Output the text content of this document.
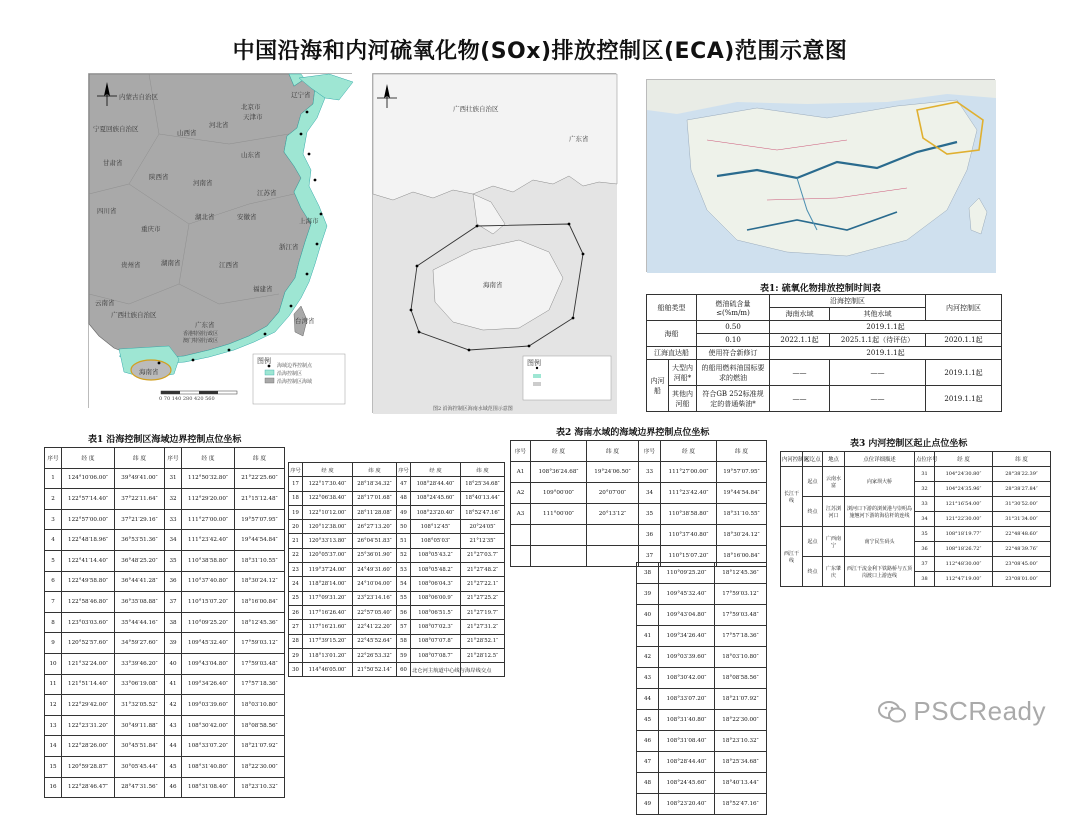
中国沿海和内河硫氧化物(SOx)排放控制区(ECA)范围示意图
内蒙古自治区	辽宁省
北京市
天津市
宁夏回族自治区	河北省
山西省
山东省
甘肃省
陕西省
河南省
江苏省
安徽省
四川省
湖北省
重庆市
上海市
浙江省
贵州省	湖南省	江西省
福建省
云南省
广西壮族自治区
广东省	台湾省
香港特别行政区
澳门特别行政区
海南省
图例
海域边界控制点
沿海控制区
沿海控制区海域
0 70 140 280 420 560
广西壮族自治区
广东省
海南省
图例
图2 沿海控制区海南水域范围示意图
表1: 硫氧化物排放控制时间表
船舶类型		燃油硫含量≤(%m/m)	沿海控制区		内河控制区
			海南水域	其他水域	
海船		0.50	2019.1.1起		
		0.10	2022.1.1起	2025.1.1起（待评估）	2020.1.1起
江海直达船		使用符合新修订	2019.1.1起		
内河船	大型内河船*	的船用燃料油国标要求的燃油	——	——	2019.1.1起
	其他内河船	符合GB 252标准规定的普通柴油*	——	——	2019.1.1起
表1 沿海控制区海域边界控制点位坐标
序号	经 度	纬 度	序号	经 度	纬 度
1	124°10′06.00″	39°49′41.00″	31	112°50′32.80″	21°22′25.60″
2	122°57′14.40″	37°22′11.64″	32	112°29′20.00″	21°15′12.48″
3	122°57′00.00″	37°21′29.16″	33	111°27′00.00″	19°57′07.95″
4	122°48′18.96″	36°53′51.36″	34	111°23′42.40″	19°44′54.84″
5	122°41′14.40″	36°48′25.20″	35	110°38′58.80″	18°31′10.55″
6	122°49′58.80″	36°44′41.28″	36	110°37′40.80″	18°30′24.12″
7	122°58′46.80″	36°35′08.88″	37	110°15′07.20″	18°16′00.84″
8	123°03′03.60″	35°44′44.16″	38	110°09′25.20″	18°12′45.36″
9	120°52′57.60″	34°59′27.60″	39	109°45′32.40″	17°59′03.12″
10	121°32′24.00″	33°39′46.20″	40	109°43′04.80″	17°59′03.48″
11	121°51′14.40″	33°06′19.08″	41	109°34′26.40″	17°57′18.36″
12	122°29′42.00″	31°32′05.52″	42	109°03′39.60″	18°03′10.80″
13	122°23′31.20″	30°49′11.88″	43	108°30′42.00″	18°08′58.56″
14	122°28′26.00″	30°45′51.84″	44	108°33′07.20″	18°21′07.92″
15	120°59′28.87″	30°05′45.44″	45	108°31′40.80″	18°22′30.00″
16	122°28′46.47″	28°47′31.56″	46	108°31′08.40″	18°23′10.32″
序号	经 度	纬 度	序号	经 度	纬 度
17	122°17′30.40″	28°18′34.32″	47	108°28′44.40″	18°25′34.68″
18	122°06′38.40″	28°17′01.68″	48	108°24′45.60″	18°40′13.44″
19	122°10′12.00″	28°11′28.08″	49	108°23′20.40″	18°52′47.16″
20	120°12′38.00″	26°27′13.20″	50	108°12′45″	20°24′05″
21	120°33′13.80″	26°04′51.83″	51	108°05′03″	21°12′35″
22	120°05′37.00″	25°36′01.90″	52	108°05′43.2″	21°27′03.7″
23	119°37′24.00″	24°49′31.60″	53	108°05′48.2″	21°27′48.2″
24	118°28′14.00″	24°10′04.00″	54	108°06′04.3″	21°27′22.1″
25	117°09′31.20″	23°23′14.16″	55	108°06′00.9″	21°27′25.2″
26	117°16′26.40″	22°57′05.40″	56	108°06′51.5″	21°27′19.7″
27	117°16′21.60″	22°41′22.20″	57	108°07′02.3″	21°27′31.2″
28	117°39′15.20″	22°45′52.64″	58	108°07′07.8″	21°28′52.1″
29	118°13′01.20″	22°26′53.32″	59	108°07′08.7″	21°28′12.5″
30	114°46′05.00″	21°50′52.14″	60	北仑河主航道中心线与海岸线交点	
表2 海南水域的海域边界控制点位坐标
序号	经 度	纬 度	序号	经 度	纬 度
A1	108°36′24.68″	19°24′06.50″	33	111°27′00.00″	19°57′07.95″
A2	109°00′00″	20°07′00″	34	111°23′42.40″	19°44′54.84″
A3	111°00′00″	20°13′12″	35	110°38′58.80″	18°31′10.55″
			36	110°37′40.80″	18°30′24.12″
			37	110°15′07.20″	18°16′00.84″
38	110°09′25.20″	18°12′45.36″
39	109°45′32.40″	17°59′03.12″
40	109°43′04.80″	17°59′03.48″
41	109°34′26.40″	17°57′18.36″
42	109°03′39.60″	18°03′10.80″
43	108°30′42.00″	18°08′58.56″
44	108°33′07.20″	18°21′07.92″
45	108°31′40.80″	18°22′30.00″
46	108°31′08.40″	18°23′10.32″
47	108°28′44.40″	18°25′34.68″
48	108°24′45.60″	18°40′13.44″
49	108°23′20.40″	18°52′47.16″
表3 内河控制区起止点位坐标
内河控制区	起讫点	地点	点位详细描述	点位序号	经 度	纬 度
长江干线	起点	云南水富	向家坝大桥	31	104°24′30.80″	28°38′22.39″
				32	104°24′35.96″	28°38′27.84″
	终点	江苏浏河口	浏河口下游的浏黄港与崇明岛施翘河下游的海信杆的连线	33	121°16′54.00″	31°30′52.00″
				34	121°22′30.00″	31°31′34.00″
西江干线	起点	广西南宁	南宁民生码头	35	108°18′19.77″	22°48′48.60″
				36	108°18′26.72″	22°48′39.76″
	终点	广东肇庆	西江干流金利下铁路桥与五顶岗渡口上游连线	37	112°48′30.00″	23°08′45.00″
				38	112°47′19.00″	23°08′01.00″
PSCReady
